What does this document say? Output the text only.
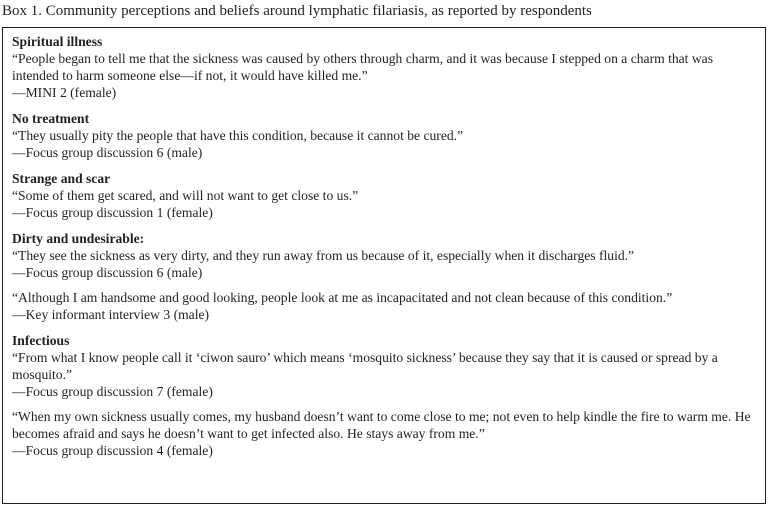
Box 1. Community perceptions and beliefs around lymphatic filariasis, as reported by respondents

Spiritual illness

“People began to tell me that the sickness was caused by others through charm, and it was because I stepped on a charm that was intended to harm someone else—if not, it would have killed me.”

—MINI 2 (female)

No treatment

“They usually pity the people that have this condition, because it cannot be cured.”

—Focus group discussion 6 (male)

Strange and scar

“Some of them get scared, and will not want to get close to us.”

—Focus group discussion 1 (female)

Dirty and undesirable:

“They see the sickness as very dirty, and they run away from us because of it, especially when it discharges fluid.”

—Focus group discussion 6 (male)

“Although I am handsome and good looking, people look at me as incapacitated and not clean because of this condition.”

—Key informant interview 3 (male)

Infectious

“From what I know people call it ‘ciwon sauro’ which means ‘mosquito sickness’ because they say that it is caused or spread by a mosquito.”

—Focus group discussion 7 (female)

“When my own sickness usually comes, my husband doesn’t want to come close to me; not even to help kindle the fire to warm me. He becomes afraid and says he doesn’t want to get infected also. He stays away from me.”

—Focus group discussion 4 (female)
